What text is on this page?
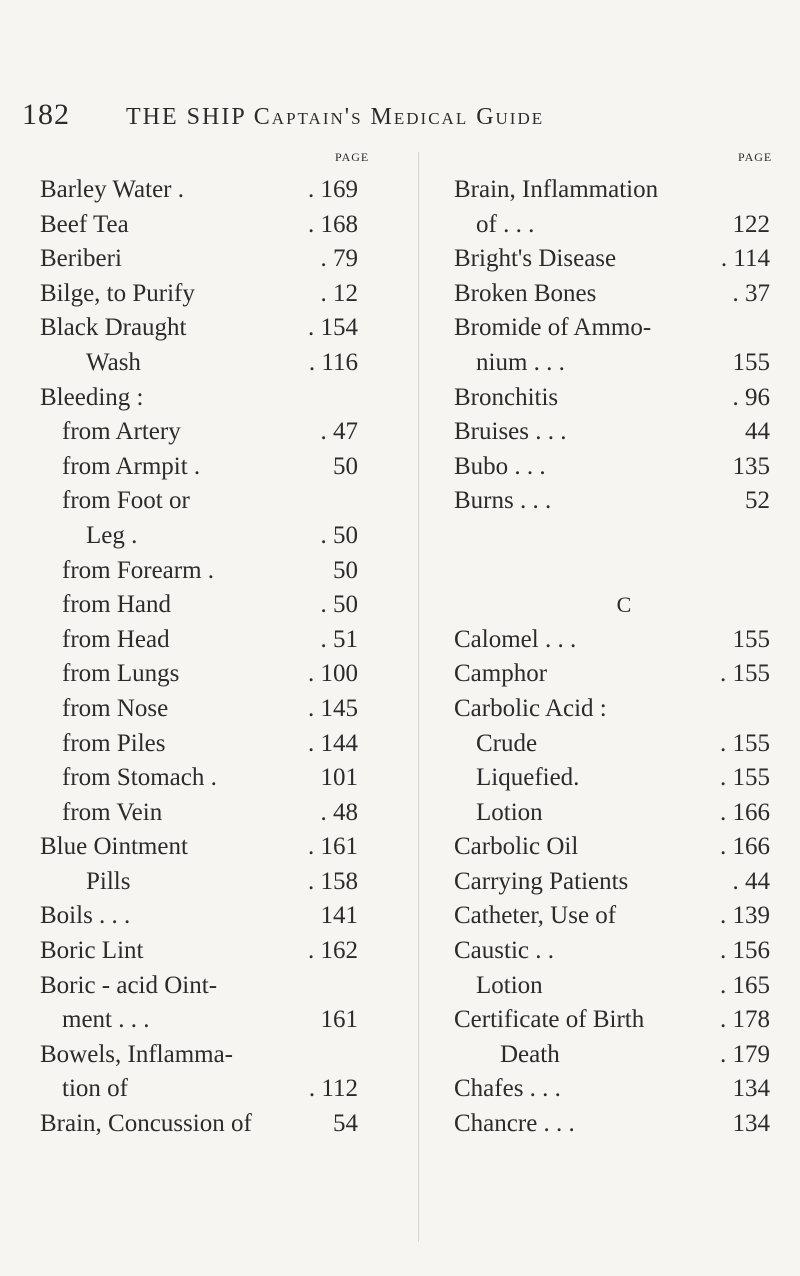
182 THE SHIP Captain's Medical Guide
PAGE	PAGE
Barley Water .	. 169
Beef Tea	. 168
Beriberi	. 79
Bilge, to Purify	. 12
Black Draught	. 154
Wash	. 116
Bleeding :
from Artery	. 47
from Armpit .	50
from Foot or
Leg .	. 50
from Forearm .	50
from Hand	. 50
from Head	. 51
from Lungs	. 100
from Nose	. 145
from Piles	. 144
from Stomach .	101
from Vein	. 48
Blue Ointment	. 161
Pills	. 158
Boils . . .	141
Boric Lint	. 162
Boric - acid Oint-
ment . . .	161
Bowels, Inflamma-
tion of	. 112
Brain, Concussion of	54
Brain, Inflammation
of . . .	122
Bright's Disease	. 114
Broken Bones	. 37
Bromide of Ammo-
nium . . .	155
Bronchitis	. 96
Bruises . . .	44
Bubo . . .	135
Burns . . .	52
C
Calomel . . .	155
Camphor	. 155
Carbolic Acid :
Crude	. 155
Liquefied.	. 155
Lotion	. 166
Carbolic Oil	. 166
Carrying Patients	. 44
Catheter, Use of	. 139
Caustic . .	. 156
Lotion	. 165
Certificate of Birth	. 178
Death	. 179
Chafes . . .	134
Chancre . . .	134
